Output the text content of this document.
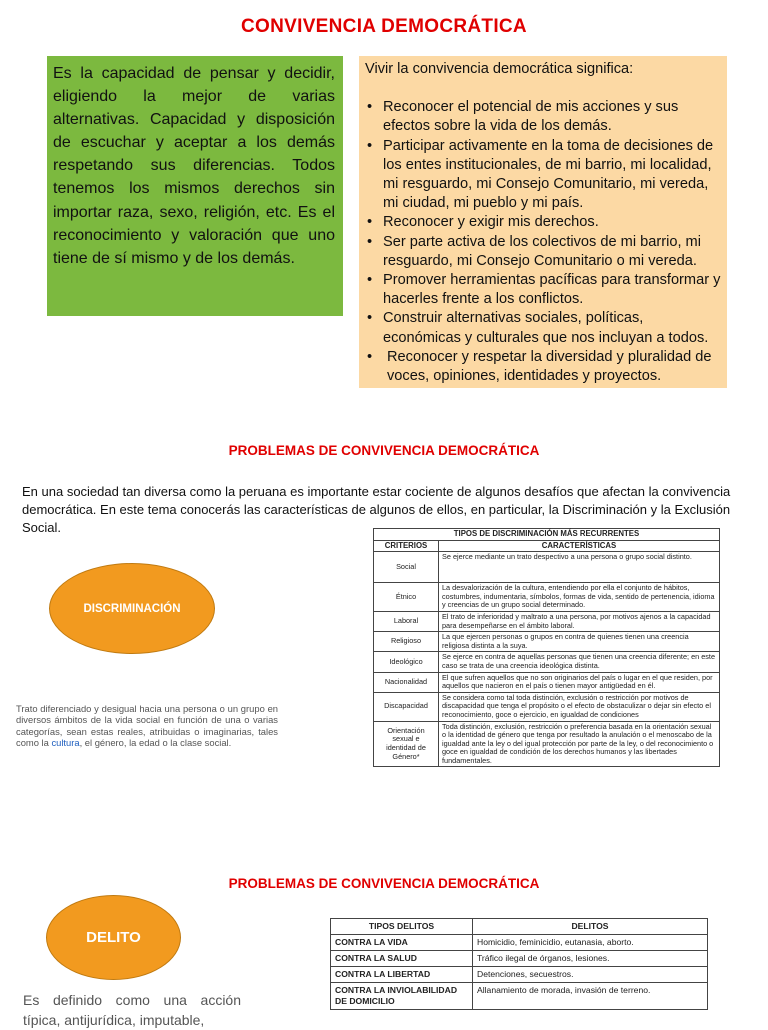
CONVIVENCIA DEMOCRÁTICA
Es la capacidad de pensar y decidir, eligiendo la mejor de varias alternativas. Capacidad y disposición de escuchar y aceptar a los demás respetando sus diferencias. Todos tenemos los mismos derechos sin importar raza, sexo, religión, etc. Es el reconocimiento y valoración que uno tiene de sí mismo y de los demás.
Vivir la convivencia democrática significa:
• Reconocer el potencial de mis acciones y sus efectos sobre la vida de los demás.
• Participar activamente en la toma de decisiones de los entes institucionales, de mi barrio, mi localidad, mi resguardo, mi Consejo Comunitario, mi vereda, mi ciudad, mi pueblo y mi país.
• Reconocer y exigir mis derechos.
• Ser parte activa de los colectivos de mi barrio, mi resguardo, mi Consejo Comunitario o mi vereda.
• Promover herramientas pacíficas para transformar y hacerles frente a los conflictos.
• Construir alternativas sociales, políticas, económicas y culturales que nos incluyan a todos.
• Reconocer y respetar la diversidad y pluralidad de voces, opiniones, identidades y proyectos.
PROBLEMAS DE CONVIVENCIA DEMOCRÁTICA
En una sociedad tan diversa como la peruana es importante estar cociente de algunos desafíos que afectan la convivencia democrática. En este tema conocerás las características de algunos de ellos, en particular, la Discriminación y la Exclusión Social.
DISCRIMINACIÓN
Trato diferenciado y desigual hacia una persona o un grupo en diversos ámbitos de la vida social en función de una o varias categorías, sean estas reales, atribuidas o imaginarias, tales como la cultura, el género, la edad o la clase social.
TIPOS DE DISCRIMINACIÓN MÁS RECURRENTES	
CRITERIOS	CARACTERÍSTICAS
Social	Se ejerce mediante un trato despectivo a una persona o grupo social distinto.
Étnico	La desvalorización de la cultura, entendiendo por ella el conjunto de hábitos, costumbres, indumentaria, símbolos, formas de vida, sentido de pertenencia, idioma y creencias de un grupo social determinado.
Laboral	El trato de inferioridad y maltrato a una persona, por motivos ajenos a la capacidad para desempeñarse en el ámbito laboral.
Religioso	La que ejercen personas o grupos en contra de quienes tienen una creencia religiosa distinta a la suya.
Ideológico	Se ejerce en contra de aquellas personas que tienen una creencia diferente; en este caso se trata de una creencia ideológica distinta.
Nacionalidad	El que sufren aquellos que no son originarios del país o lugar en el que residen, por aquellos que nacieron en el país o tienen mayor antigüedad en él.
Discapacidad	Se considera como tal toda distinción, exclusión o restricción por motivos de discapacidad que tenga el propósito o el efecto de obstaculizar o dejar sin efecto el reconocimiento, goce o ejercicio, en igualdad de condiciones
Orientación sexual e identidad de Género*	Toda distinción, exclusión, restricción o preferencia basada en la orientación sexual o la identidad de género que tenga por resultado la anulación o el menoscabo de la igualdad ante la ley o del igual protección por parte de la ley, o del reconocimiento o goce en igualdad de condición de los derechos humanos y las libertades fundamentales.
PROBLEMAS DE CONVIVENCIA DEMOCRÁTICA
DELITO
Es definido como una acción típica, antijurídica, imputable,
TIPOS DELITOS	DELITOS
CONTRA LA VIDA	Homicidio, feminicidio, eutanasia, aborto.
CONTRA LA SALUD	Tráfico ilegal de órganos, lesiones.
CONTRA LA LIBERTAD	Detenciones, secuestros.
CONTRA LA INVIOLABILIDAD DE DOMICILIO	Allanamiento de morada, invasión de terreno.
